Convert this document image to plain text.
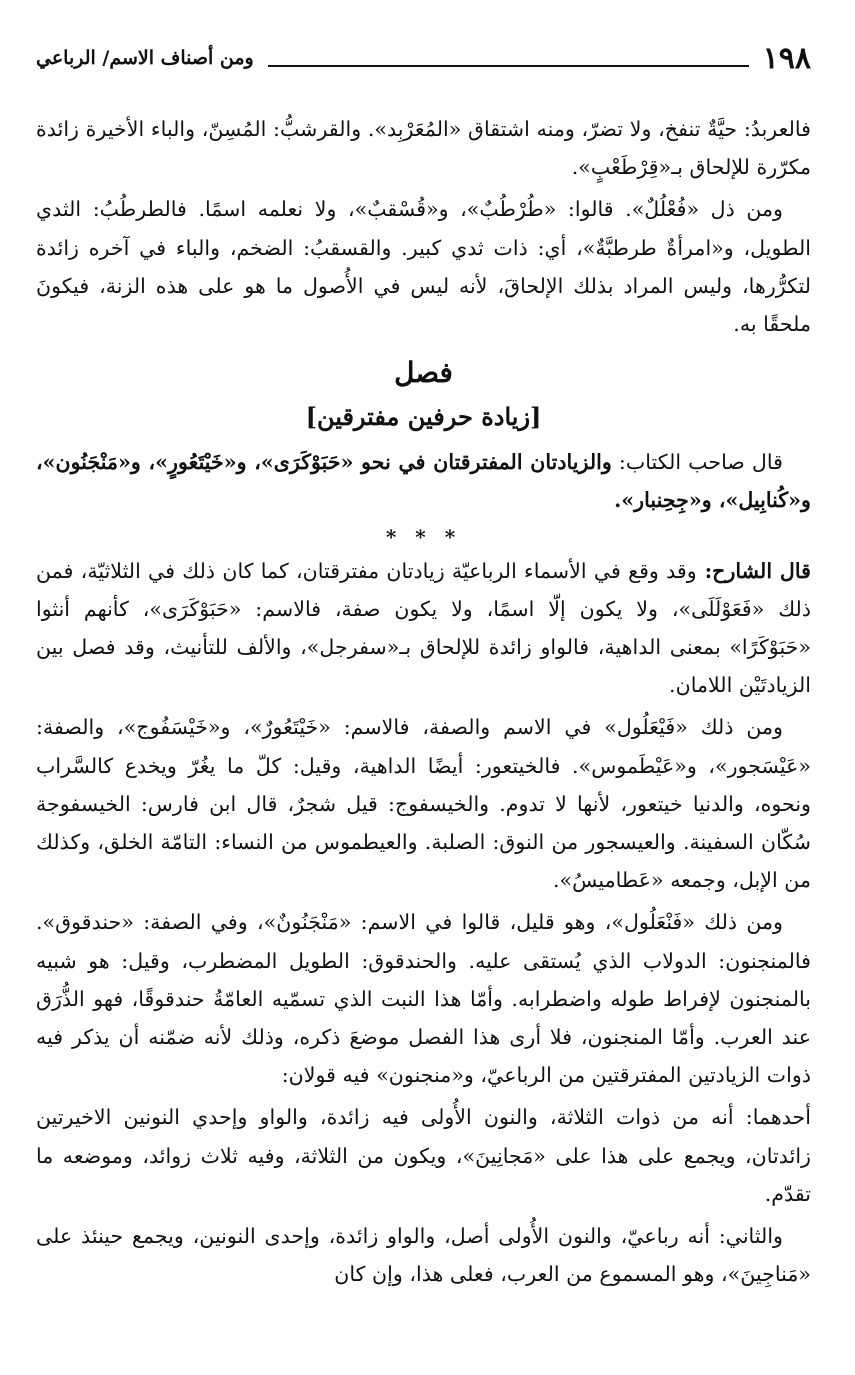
١٩٨
ومن أصناف الاسم/ الرباعي

فالعربدُ: حيَّةٌ تنفخ، ولا تضرّ، ومنه اشتقاق «المُعَرْبِد». والقرشبُّ: المُسِنّ، والباء الأخيرة زائدة مكرّرة للإلحاق بـ«قِرْطَعْبٍ».

ومن ذل «فُعْلُلٌ». قالوا: «طُرْطُبٌ»، و«قُسْقبٌ»، ولا نعلمه اسمًا. فالطرطُبُ: الثدي الطويل، و«امرأةٌ طرطبَّةٌ»، أي: ذات ثدي كبير. والقسقبُ: الضخم، والباء في آخره زائدة لتكرُّرها، وليس المراد بذلك الإلحاقَ، لأنه ليس في الأُصول ما هو على هذه الزنة، فيكونَ ملحقًا به.

فصل
[زيادة حرفين مفترقين]

قال صاحب الكتاب: والزيادتان المفترقتان في نحو «حَبَوْكَرَى»، و«خَيْتَعُورٍ»، و«مَنْجَنُون»، و«كُنابِيل»، و«جِحِنبار».

* * *

قال الشارح: وقد وقع في الأسماء الرباعيّة زيادتان مفترقتان، كما كان ذلك في الثلاثيّة، فمن ذلك «فَعَوْلَلَى»، ولا يكون إلّا اسمًا، ولا يكون صفة، فالاسم: «حَبَوْكَرَى»، كأنهم أنثوا «حَبَوْكَرًا» بمعنى الداهية، فالواو زائدة للإلحاق بـ«سفرجل»، والألف للتأنيث، وقد فصل بين الزيادتَيْن اللامان.

ومن ذلك «فَيْعَلُول» في الاسم والصفة، فالاسم: «خَيْتَعُورٌ»، و«خَيْسَفُوج»، والصفة: «عَيْسَجور»، و«عَيْطَموس». فالخيتعور: أيضًا الداهية، وقيل: كلّ ما يغُرّ ويخدع كالسَّراب ونحوه، والدنيا خيتعور، لأنها لا تدوم. والخيسفوج: قيل شجرٌ، قال ابن فارس: الخيسفوجة سُكّان السفينة. والعيسجور من النوق: الصلبة. والعيطموس من النساء: التامّة الخلق، وكذلك من الإبل، وجمعه «عَطاميسُ».

ومن ذلك «فَنْعَلُول»، وهو قليل، قالوا في الاسم: «مَنْجَنُونٌ»، وفي الصفة: «حندقوق». فالمنجنون: الدولاب الذي يُستقى عليه. والحندقوق: الطويل المضطرب، وقيل: هو شبيه بالمنجنون لإفراط طوله واضطرابه. وأمّا هذا النبت الذي تسمّيه العامّةُ حندقوقًا، فهو الذُّرَق عند العرب. وأمّا المنجنون، فلا أرى هذا الفصل موضعَ ذكره، وذلك لأنه ضمّنه أن يذكر فيه ذوات الزيادتين المفترقتين من الرباعيّ، و«منجنون» فيه قولان:

أحدهما: أنه من ذوات الثلاثة، والنون الأُولى فيه زائدة، والواو وإحدي النونين الاخيرتين زائدتان، ويجمع على هذا على «مَجانِينَ»، ويكون من الثلاثة، وفيه ثلاث زوائد، وموضعه ما تقدّم.

والثاني: أنه رباعيّ، والنون الأُولى أصل، والواو زائدة، وإحدى النونين، ويجمع حينئذ على «مَناجِينَ»، وهو المسموع من العرب، فعلى هذا، وإن كان
